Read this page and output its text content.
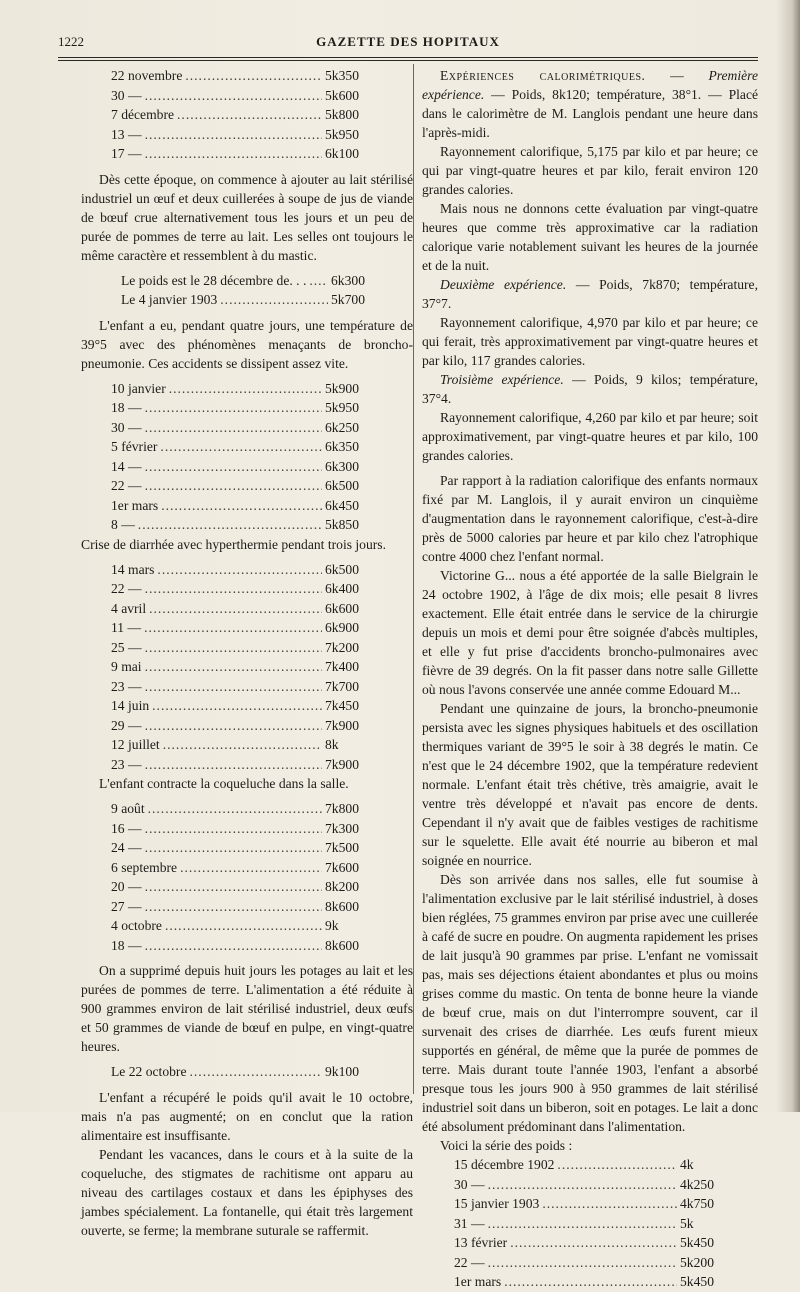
1222	GAZETTE DES HOPITAUX
22 novembre .....	5k350
30 — .....	5k600
7 décembre .....	5k800
13 — .....	5k950
17 — .....	6k100

Dès cette époque, on commence à ajouter au lait stérilisé industriel un œuf et deux cuillerées à soupe de jus de viande de bœuf crue alternativement tous les jours et un peu de purée de pommes de terre au lait. Les selles ont toujours le même caractère et ressemblent à du mastic.

Le poids est le 28 décembre de. . . ..... 6k300
Le 4 janvier 1903 .....	5k700

L'enfant a eu, pendant quatre jours, une température de 39°5 avec des phénomènes menaçants de broncho-pneumonie. Ces accidents se dissipent assez vite.

10 janvier .....	5k900
18 — .....	5k950
30 — .....	6k250
5 février .....	6k350
14 — .....	6k300
22 — .....	6k500
1er mars .....	6k450
8 — .....	5k850

Crise de diarrhée avec hyperthermie pendant trois jours.

14 mars .....	6k500
22 — .....	6k400
4 avril .....	6k600
11 — .....	6k900
25 — .....	7k200
9 mai .....	7k400
23 — .....	7k700
14 juin .....	7k450
29 — .....	7k900
12 juillet .....	8k
23 — .....	7k900

L'enfant contracte la coqueluche dans la salle.

9 août .....	7k800
16 — .....	7k300
24 — .....	7k500
6 septembre .....	7k600
20 — .....	8k200
27 — .....	8k600
4 octobre .....	9k
18 — .....	8k600

On a supprimé depuis huit jours les potages au lait et les purées de pommes de terre. L'alimentation a été réduite à 900 grammes environ de lait stérilisé industriel, deux œufs et 50 grammes de viande de bœuf en pulpe, en vingt-quatre heures.

Le 22 octobre .....	9k100

L'enfant a récupéré le poids qu'il avait le 10 octobre, mais n'a pas augmenté; on en conclut que la ration alimentaire est insuffisante.

Pendant les vacances, dans le cours et à la suite de la coqueluche, des stigmates de rachitisme ont apparu au niveau des cartilages costaux et dans les épiphyses des jambes spécialement. La fontanelle, qui était très largement ouverte, se ferme; la membrane suturale se raffermit.

Expériences calorimétriques. — Première expérience. — Poids, 8k120; température, 38°1. — Placé dans le calorimètre de M. Langlois pendant une heure dans l'après-midi.

Rayonnement calorifique, 5,175 par kilo et par heure; ce qui par vingt-quatre heures et par kilo, ferait environ 120 grandes calories.

Mais nous ne donnons cette évaluation par vingt-quatre heures que comme très approximative car la radiation calorique varie notablement suivant les heures de la journée et de la nuit.

Deuxième expérience. — Poids, 7k870; température, 37°7.

Rayonnement calorifique, 4,970 par kilo et par heure; ce qui ferait, très approximativement par vingt-quatre heures et par kilo, 117 grandes calories.

Troisième expérience. — Poids, 9 kilos; température, 37°4.

Rayonnement calorifique, 4,260 par kilo et par heure; soit approximativement, par vingt-quatre heures et par kilo, 100 grandes calories.

Par rapport à la radiation calorifique des enfants normaux fixé par M. Langlois, il y aurait environ un cinquième d'augmentation dans le rayonnement calorifique, c'est-à-dire près de 5000 calories par heure et par kilo chez l'atrophique contre 4000 chez l'enfant normal.

Victorine G... nous a été apportée de la salle Bielgrain le 24 octobre 1902, à l'âge de dix mois; elle pesait 8 livres exactement. Elle était entrée dans le service de la chirurgie depuis un mois et demi pour être soignée d'abcès multiples, et elle y fut prise d'accidents broncho-pulmonaires avec fièvre de 39 degrés. On la fit passer dans notre salle Gillette où nous l'avons conservée une année comme Edouard M...

Pendant une quinzaine de jours, la broncho-pneumonie persista avec les signes physiques habituels et des oscillation thermiques variant de 39°5 le soir à 38 degrés le matin. Ce n'est que le 24 décembre 1902, que la température redevient normale. L'enfant était très chétive, très amaigrie, avait le ventre très développé et n'avait pas encore de dents. Cependant il n'y avait que de faibles vestiges de rachitisme sur le squelette. Elle avait été nourrie au biberon et mal soignée en nourrice.

Dès son arrivée dans nos salles, elle fut soumise à l'alimentation exclusive par le lait stérilisé industriel, à doses bien réglées, 75 grammes environ par prise avec une cuillerée à café de sucre en poudre. On augmenta rapidement les prises de lait jusqu'à 90 grammes par prise. L'enfant ne vomissait pas, mais ses déjections étaient abondantes et plus ou moins grises comme du mastic. On tenta de bonne heure la viande de bœuf crue, mais on dut l'interrompre souvent, car il survenait des crises de diarrhée. Les œufs furent mieux supportés en général, de même que la purée de pommes de terre. Mais durant toute l'année 1903, l'enfant a absorbé presque tous les jours 900 à 950 grammes de lait stérilisé industriel soit dans un biberon, soit en potages. Le lait a donc été absolument prédominant dans l'alimentation.

Voici la série des poids :

15 décembre 1902 .....	4k
30 — .....	4k250
15 janvier 1903 .....	4k750
31 — .....	5k
13 février .....	5k450
22 — .....	5k200
1er mars .....	5k450
